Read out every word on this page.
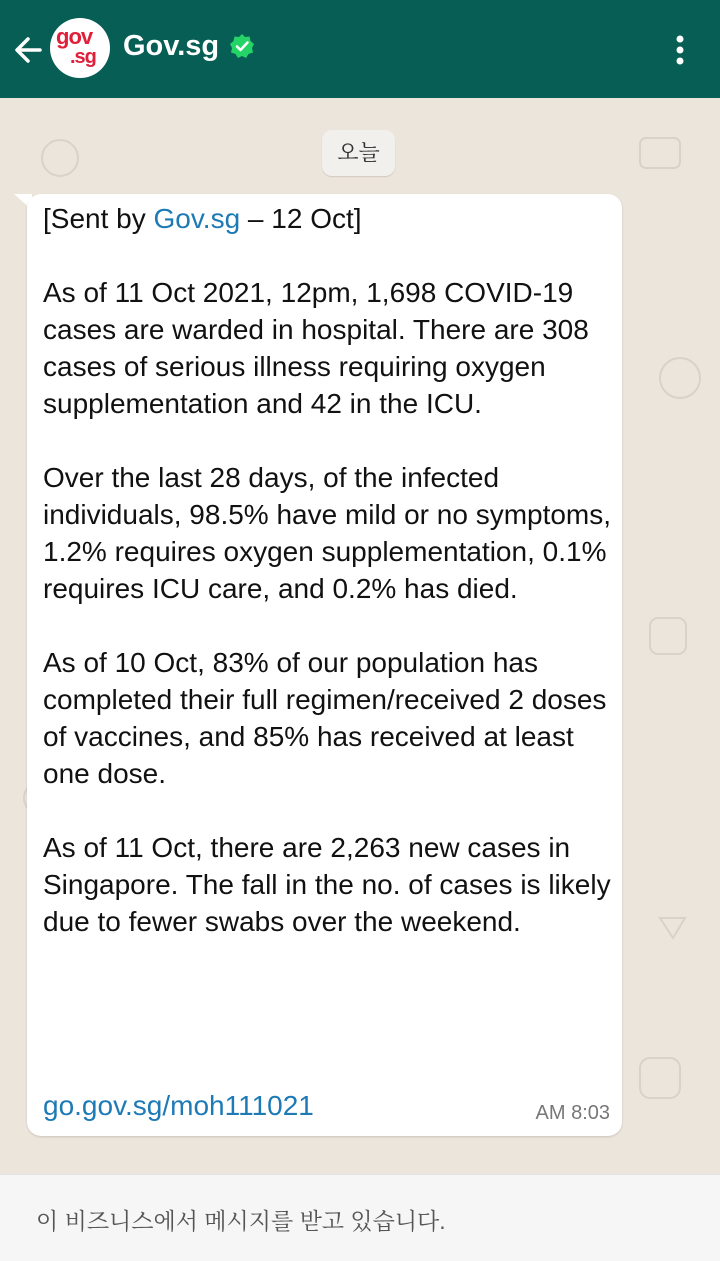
gov
.sg Gov.sg
오늘
[Sent by Gov.sg – 12 Oct]
As of 11 Oct 2021, 12pm, 1,698 COVID-19 cases are warded in hospital. There are 308 cases of serious illness requiring oxygen supplementation and 42 in the ICU.
Over the last 28 days, of the infected individuals, 98.5% have mild or no symptoms, 1.2% requires oxygen supplementation, 0.1% requires ICU care, and 0.2% has died.
As of 10 Oct, 83% of our population has completed their full regimen/received 2 doses of vaccines, and 85% has received at least one dose.
As of 11 Oct, there are 2,263 new cases in Singapore. The fall in the no. of cases is likely due to fewer swabs over the weekend.
go.gov.sg/moh111021	AM 8:03
이 비즈니스에서 메시지를 받고 있습니다.
